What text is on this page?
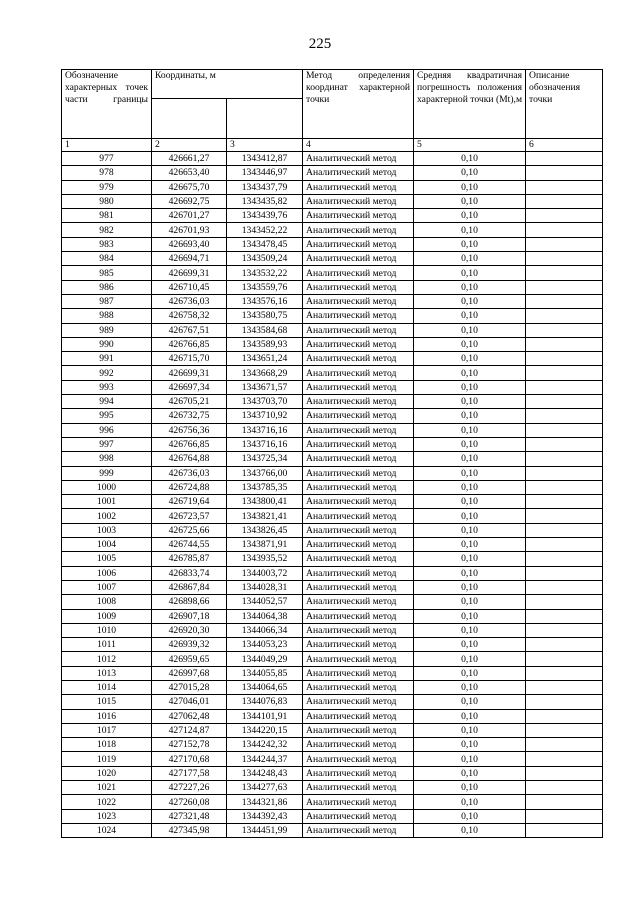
225
Обозначение характерных точек части границы	Координаты, м		Метод определения координат характерной точки	Средняя квадратичная погрешность положения характерной точки (Mt),м	Описание обозначения точки

1	2	3	4	5	6
977	426661,27	1343412,87	Аналитический метод	0,10	
978	426653,40	1343446,97	Аналитический метод	0,10	
979	426675,70	1343437,79	Аналитический метод	0,10	
980	426692,75	1343435,82	Аналитический метод	0,10	
981	426701,27	1343439,76	Аналитический метод	0,10	
982	426701,93	1343452,22	Аналитический метод	0,10	
983	426693,40	1343478,45	Аналитический метод	0,10	
984	426694,71	1343509,24	Аналитический метод	0,10	
985	426699,31	1343532,22	Аналитический метод	0,10	
986	426710,45	1343559,76	Аналитический метод	0,10	
987	426736,03	1343576,16	Аналитический метод	0,10	
988	426758,32	1343580,75	Аналитический метод	0,10	
989	426767,51	1343584,68	Аналитический метод	0,10	
990	426766,85	1343589,93	Аналитический метод	0,10	
991	426715,70	1343651,24	Аналитический метод	0,10	
992	426699,31	1343668,29	Аналитический метод	0,10	
993	426697,34	1343671,57	Аналитический метод	0,10	
994	426705,21	1343703,70	Аналитический метод	0,10	
995	426732,75	1343710,92	Аналитический метод	0,10	
996	426756,36	1343716,16	Аналитический метод	0,10	
997	426766,85	1343716,16	Аналитический метод	0,10	
998	426764,88	1343725,34	Аналитический метод	0,10	
999	426736,03	1343766,00	Аналитический метод	0,10	
1000	426724,88	1343785,35	Аналитический метод	0,10	
1001	426719,64	1343800,41	Аналитический метод	0,10	
1002	426723,57	1343821,41	Аналитический метод	0,10	
1003	426725,66	1343826,45	Аналитический метод	0,10	
1004	426744,55	1343871,91	Аналитический метод	0,10	
1005	426785,87	1343935,52	Аналитический метод	0,10	
1006	426833,74	1344003,72	Аналитический метод	0,10	
1007	426867,84	1344028,31	Аналитический метод	0,10	
1008	426898,66	1344052,57	Аналитический метод	0,10	
1009	426907,18	1344064,38	Аналитический метод	0,10	
1010	426920,30	1344066,34	Аналитический метод	0,10	
1011	426939,32	1344053,23	Аналитический метод	0,10	
1012	426959,65	1344049,29	Аналитический метод	0,10	
1013	426997,68	1344055,85	Аналитический метод	0,10	
1014	427015,28	1344064,65	Аналитический метод	0,10	
1015	427046,01	1344076,83	Аналитический метод	0,10	
1016	427062,48	1344101,91	Аналитический метод	0,10	
1017	427124,87	1344220,15	Аналитический метод	0,10	
1018	427152,78	1344242,32	Аналитический метод	0,10	
1019	427170,68	1344244,37	Аналитический метод	0,10	
1020	427177,58	1344248,43	Аналитический метод	0,10	
1021	427227,26	1344277,63	Аналитический метод	0,10	
1022	427260,08	1344321,86	Аналитический метод	0,10	
1023	427321,48	1344392,43	Аналитический метод	0,10	
1024	427345,98	1344451,99	Аналитический метод	0,10	
